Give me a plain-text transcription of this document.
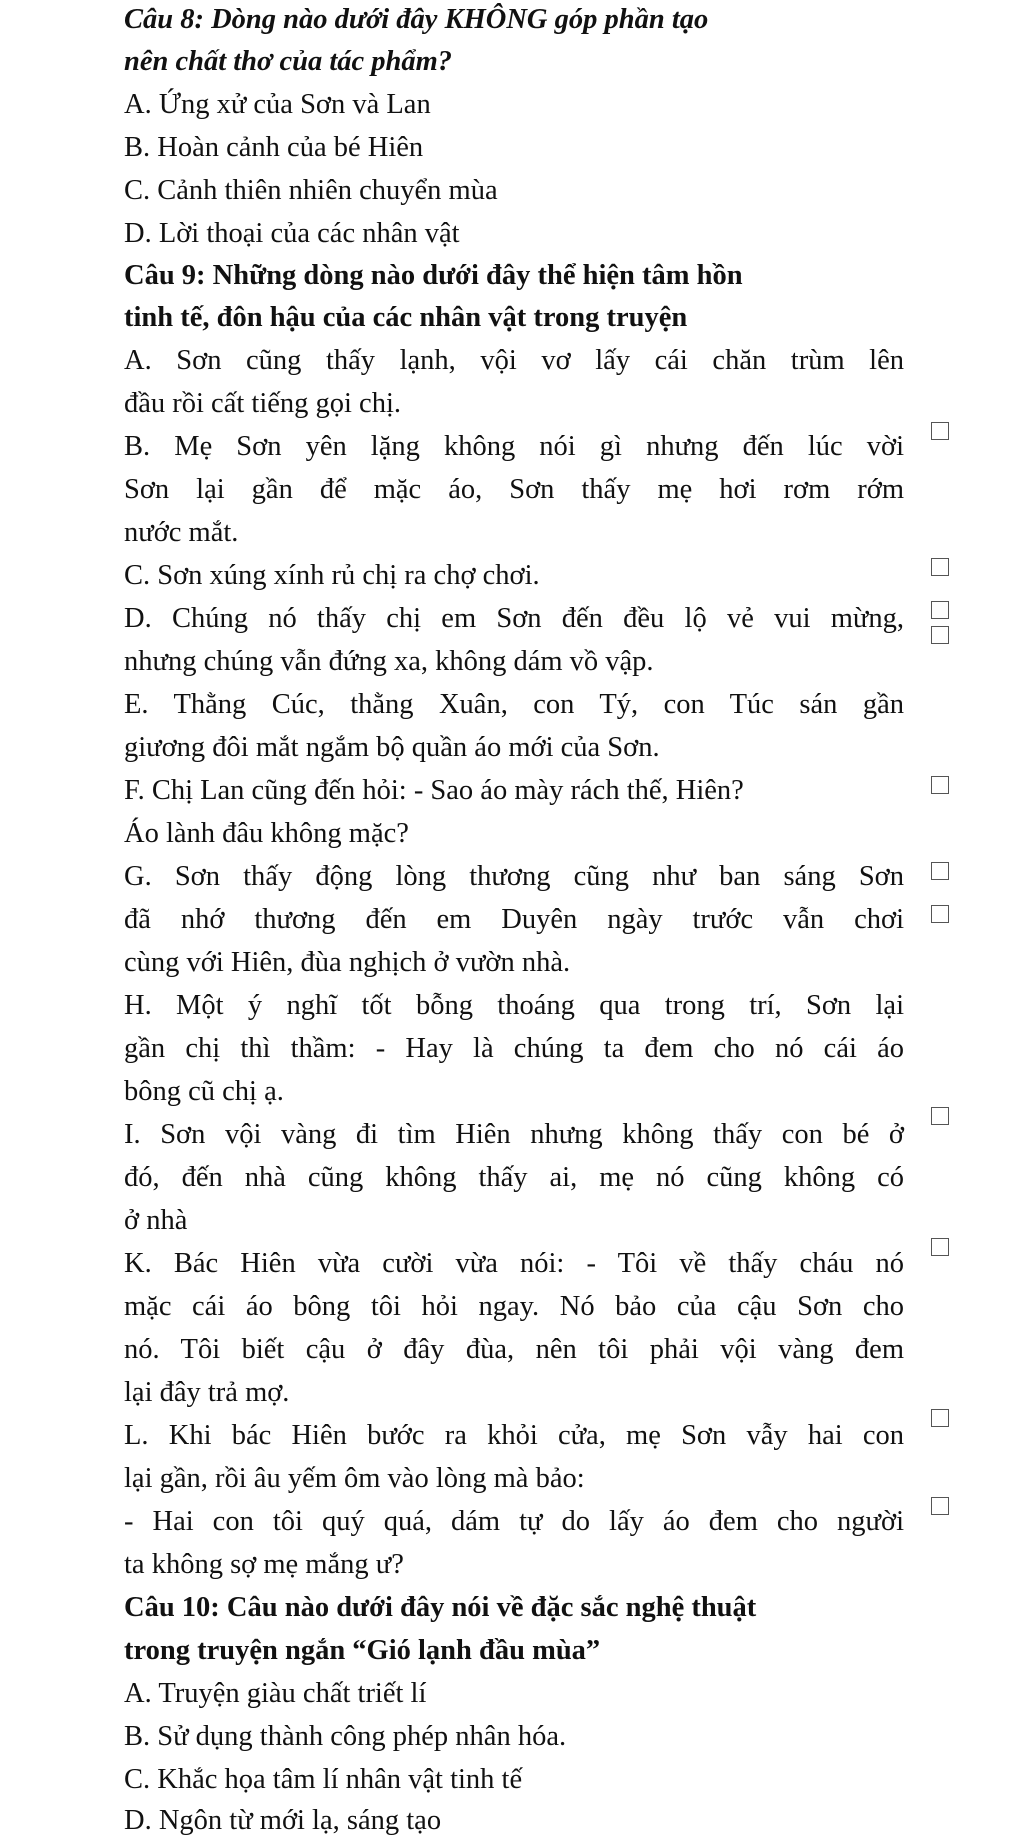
Câu 8: Dòng nào dưới đây KHÔNG góp phần tạo
nên chất thơ của tác phẩm?
A. Ứng xử của Sơn và Lan
B. Hoàn cảnh của bé Hiên
C. Cảnh thiên nhiên chuyển mùa
D. Lời thoại của các nhân vật
Câu 9: Những dòng nào dưới đây thể hiện tâm hồn
tinh tế, đôn hậu của các nhân vật trong truyện
A. Sơn cũng thấy lạnh, vội vơ lấy cái chăn trùm lên
đầu rồi cất tiếng gọi chị.
B. Mẹ Sơn yên lặng không nói gì nhưng đến lúc vời
Sơn lại gần để mặc áo, Sơn thấy mẹ hơi rơm rớm
nước mắt.
C. Sơn xúng xính rủ chị ra chợ chơi.
D. Chúng nó thấy chị em Sơn đến đều lộ vẻ vui mừng,
nhưng chúng vẫn đứng xa, không dám vồ vập.
E. Thằng Cúc, thằng Xuân, con Tý, con Túc sán gần
giương đôi mắt ngắm bộ quần áo mới của Sơn.
F. Chị Lan cũng đến hỏi: - Sao áo mày rách thế, Hiên?
Áo lành đâu không mặc?
G. Sơn thấy động lòng thương cũng như ban sáng Sơn
đã nhớ thương đến em Duyên ngày trước vẫn chơi
cùng với Hiên, đùa nghịch ở vườn nhà.
H. Một ý nghĩ tốt bỗng thoáng qua trong trí, Sơn lại
gần chị thì thầm: - Hay là chúng ta đem cho nó cái áo
bông cũ chị ạ.
I. Sơn vội vàng đi tìm Hiên nhưng không thấy con bé ở
đó, đến nhà cũng không thấy ai, mẹ nó cũng không có
ở nhà
K. Bác Hiên vừa cười vừa nói: - Tôi về thấy cháu nó
mặc cái áo bông tôi hỏi ngay. Nó bảo của cậu Sơn cho
nó. Tôi biết cậu ở đây đùa, nên tôi phải vội vàng đem
lại đây trả mợ.
L. Khi bác Hiên bước ra khỏi cửa, mẹ Sơn vẫy hai con
lại gần, rồi âu yếm ôm vào lòng mà bảo:
- Hai con tôi quý quá, dám tự do lấy áo đem cho người
ta không sợ mẹ mắng ư?
Câu 10: Câu nào dưới đây nói về đặc sắc nghệ thuật
trong truyện ngắn “Gió lạnh đầu mùa”
A. Truyện giàu chất triết lí
B. Sử dụng thành công phép nhân hóa.
C. Khắc họa tâm lí nhân vật tinh tế
D. Ngôn từ mới lạ, sáng tạo
